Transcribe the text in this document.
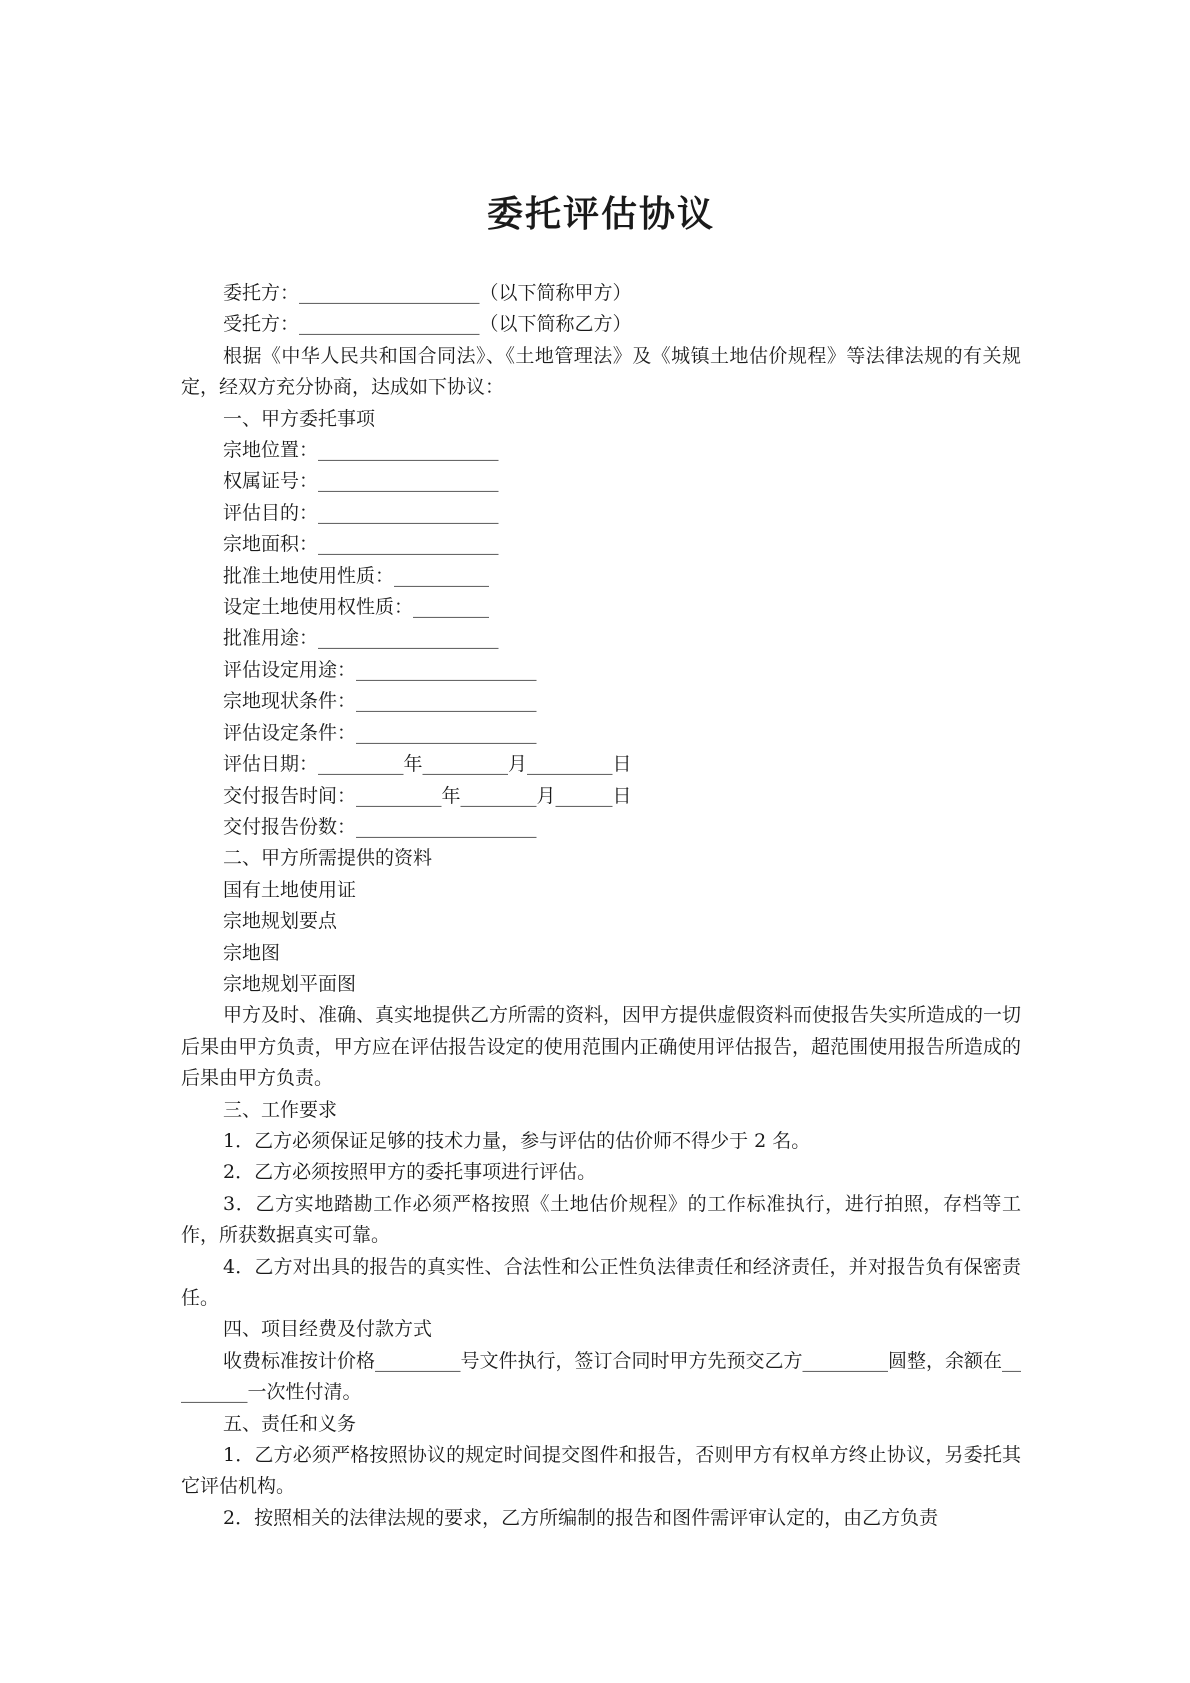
委托评估协议
委托方：___________________（以下简称甲方）
受托方：___________________（以下简称乙方）
根据《中华人民共和国合同法》、《土地管理法》及《城镇土地估价规程》等法律法规的有关规定，经双方充分协商，达成如下协议：
一、甲方委托事项
宗地位置：___________________
权属证号：___________________
评估目的：___________________
宗地面积：___________________
批准土地使用性质：__________
设定土地使用权性质：________
批准用途：___________________
评估设定用途：___________________
宗地现状条件：___________________
评估设定条件：___________________
评估日期：_________年_________月_________日
交付报告时间：_________年________月______日
交付报告份数：___________________
二、甲方所需提供的资料
国有土地使用证
宗地规划要点
宗地图
宗地规划平面图
甲方及时、准确、真实地提供乙方所需的资料，因甲方提供虚假资料而使报告失实所造成的一切后果由甲方负责，甲方应在评估报告设定的使用范围内正确使用评估报告，超范围使用报告所造成的后果由甲方负责。
三、工作要求
1．乙方必须保证足够的技术力量，参与评估的估价师不得少于 2 名。
2．乙方必须按照甲方的委托事项进行评估。
3．乙方实地踏勘工作必须严格按照《土地估价规程》的工作标准执行，进行拍照，存档等工作，所获数据真实可靠。
4．乙方对出具的报告的真实性、合法性和公正性负法律责任和经济责任，并对报告负有保密责任。
四、项目经费及付款方式
收费标准按计价格_________号文件执行，签订合同时甲方先预交乙方_________圆整，余额在_________一次性付清。
五、责任和义务
1．乙方必须严格按照协议的规定时间提交图件和报告，否则甲方有权单方终止协议，另委托其它评估机构。
2．按照相关的法律法规的要求，乙方所编制的报告和图件需评审认定的，由乙方负责
